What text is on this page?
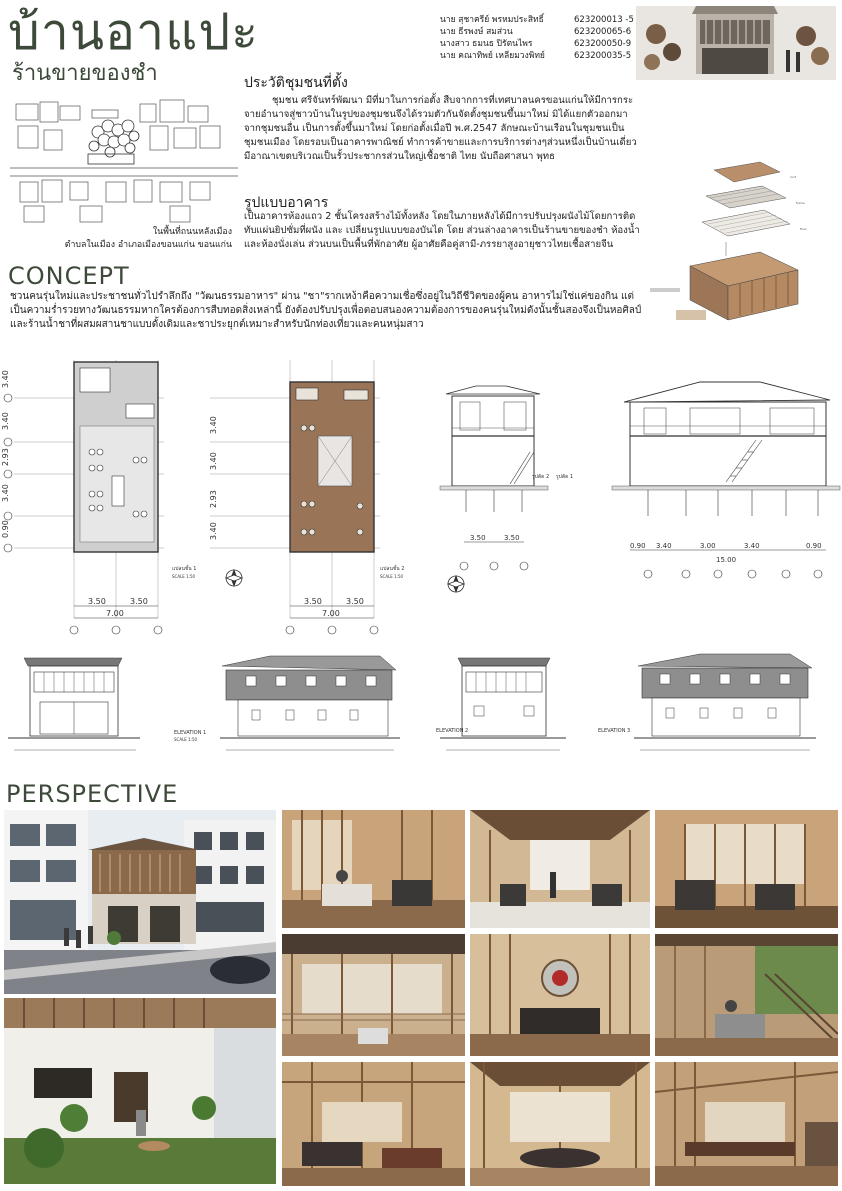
บ้านอาแปะ
ร้านขายของชำ
นาย สุชาครีย์ พรหมประสิทธิ์	623200013 -5
นาย ธีรพงษ์ สมส่วน	623200065-6
นางสาว ธมนธ ปิรัตนไพร	623200050-9
นาย คณาทิพย์ เหลียมวงพิทย์	623200035-5
ในพื้นที่ถนนหลังเมือง
ตำบลในเมือง อำเภอเมืองขอนแก่น ขอนแก่น
ประวัติชุมชนที่ตั้ง
ชุมชน ศรีจันทร์พัฒนา มีที่มาในการก่อตั้ง สืบจากการที่เทศบาลนครขอนแก่นให้มีการกระจายอำนาจสู่ชาวบ้านในรูปของชุมชนจึงได้รวมตัวกันจัดตั้งชุมชนขึ้นมาใหม่ มิได้แยกตัวออกมาจากชุมชนอื่น เป็นการตั้งขึ้นมาใหม่ โดยก่อตั้งเมื่อปี พ.ศ.2547 ลักษณะบ้านเรือนในชุมชนเป็นชุมชนเมือง โดยรอบเป็นอาคารพาณิชย์ ทำการค้าขายและการบริการต่างๆส่วนหนึ่งเป็นบ้านเดี่ยว มีอาณาเขตบริเวณเป็นรั้วประชากรส่วนใหญ่เชื้อชาติ ไทย นับถือศาสนา พุทธ
รูปแบบอาคาร
เป็นอาคารห้องแถว 2 ชั้นโครงสร้างไม้ทั้งหลัง โดยในภายหลังได้มีการปรับปรุงผนังไม้โดยการติดทับแผ่นยิปซั่มที่ผนัง และ เปลี่ยนรูปแบบของบันได โดย ส่วนล่างอาคารเป็นร้านขายของชำ ห้องน้ำ และห้องนั่งเล่น ส่วนบนเป็นพื้นที่พักอาศัย ผู้อาศัยคือคู่สามี-ภรรยาสูงอายุชาวไทยเชื้อสายจีน
roof
frame
floor
CONCEPT
ชวนคนรุ่นใหม่และประชาชนทั่วไปรำลึกถึง "วัฒนธรรมอาหาร" ผ่าน "ชา"รากเหง้าคือความเชื่อซึ่งอยู่ในวิถีชีวิตของผู้คน อาหารไม่ใช่แค่ของกิน แต่เป็นความร่ำรวยทางวัฒนธรรมหากใครต้องการสืบทอดสิ่งเหล่านี้ ยังต้องปรับปรุงเพื่อตอบสนองความต้องการของคนรุ่นใหม่ดังนั้นชั้นสองจึงเป็นหอศิลป์และร้านน้ำชาที่ผสมผสานชาแบบดั้งเดิมและชาประยุกต์เหมาะสำหรับนักท่องเที่ยวและคนหนุ่มสาว
3.40
3.40
2.93
3.40
0.90
3.50	3.50
7.00
แปลนชั้น 1
SCALE 1:50
3.40
3.40
2.93
3.40
3.50	3.50
7.00
แปลนชั้น 2
SCALE 1:50
3.50	3.50
รูปตัด 2 รูปตัด 1
0.90 3.40	3.00	3.40	0.90
15.00
ELEVATION 1
SCALE 1:50
ELEVATION 2	ELEVATION 3
PERSPECTIVE
